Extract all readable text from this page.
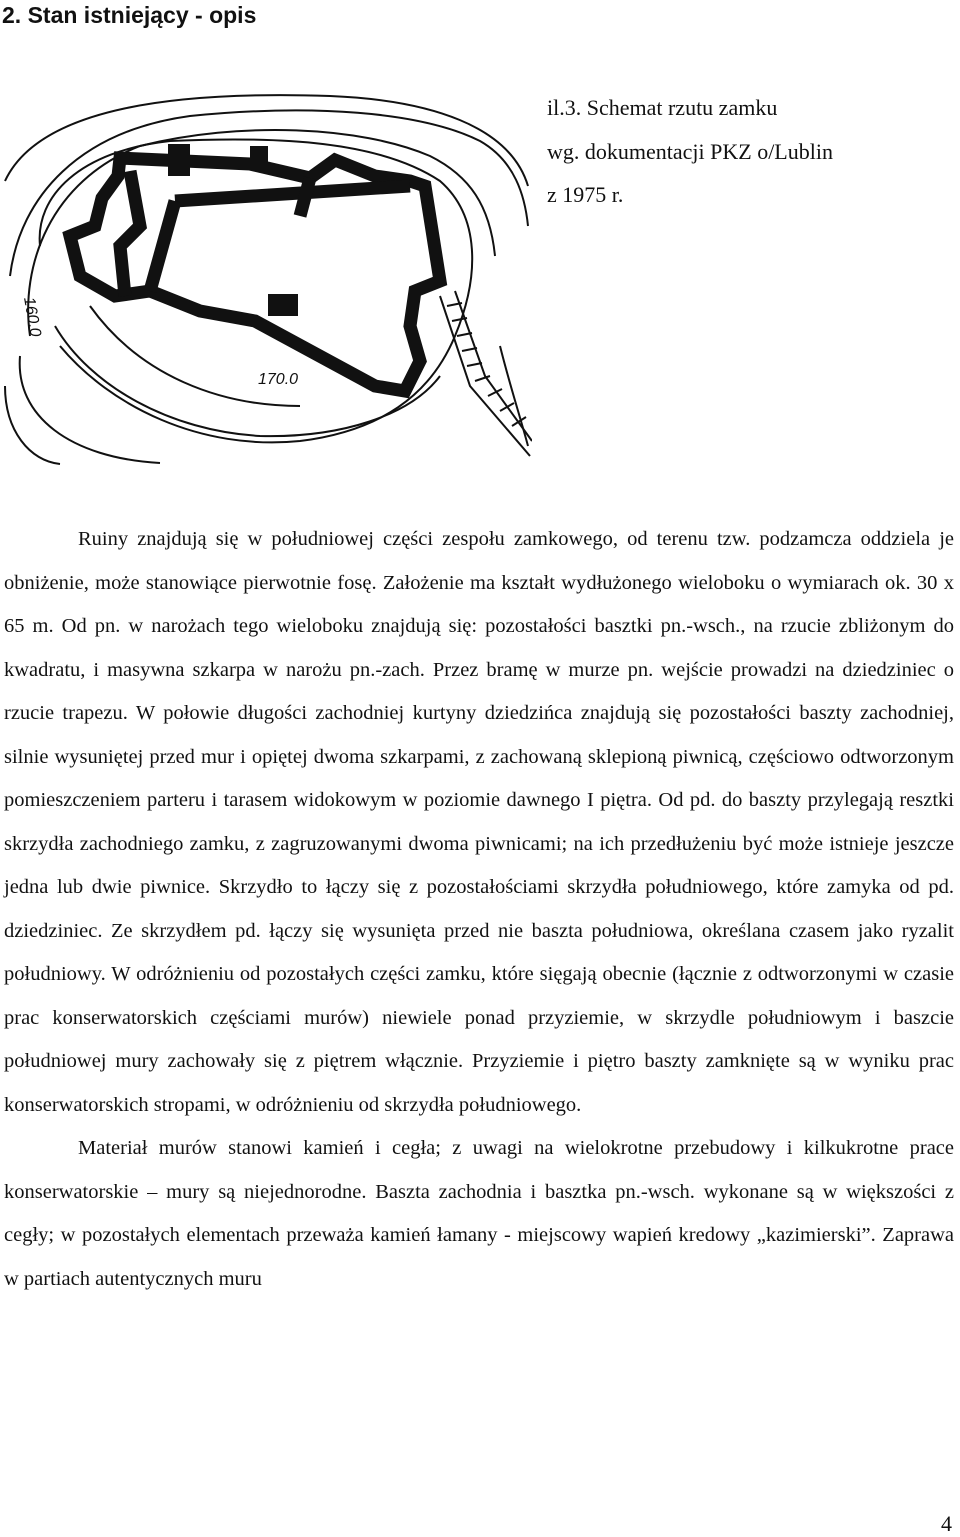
2. Stan istniejący - opis
160.0
170.0
il.3. Schemat rzutu zamku
wg. dokumentacji PKZ o/Lublin
z 1975 r.

Ruiny znajdują się w południowej części zespołu zamkowego, od terenu tzw. podzamcza oddziela je obniżenie, może stanowiące pierwotnie fosę. Założenie ma kształt wydłużonego wieloboku o wymiarach ok. 30 x 65 m. Od pn. w narożach tego wieloboku znajdują się: pozostałości basztki pn.-wsch., na rzucie zbliżonym do kwadratu, i masywna szkarpa w narożu pn.-zach. Przez bramę w murze pn. wejście prowadzi na dziedziniec o rzucie trapezu. W połowie długości zachodniej kurtyny dziedzińca znajdują się pozostałości baszty zachodniej, silnie wysuniętej przed mur i opiętej dwoma szkarpami, z zachowaną sklepioną piwnicą, częściowo odtworzonym pomieszczeniem parteru i tarasem widokowym w poziomie dawnego I piętra. Od pd. do baszty przylegają resztki skrzydła zachodniego zamku, z zagruzowanymi dwoma piwnicami; na ich przedłużeniu być może istnieje jeszcze jedna lub dwie piwnice. Skrzydło to łączy się z pozostałościami skrzydła południowego, które zamyka od pd. dziedziniec. Ze skrzydłem pd. łączy się wysunięta przed nie baszta południowa, określana czasem jako ryzalit południowy. W odróżnieniu od pozostałych części zamku, które sięgają obecnie (łącznie z odtworzonymi w czasie prac konserwatorskich częściami murów) niewiele ponad przyziemie, w skrzydle południowym i baszcie południowej mury zachowały się z piętrem włącznie. Przyziemie i piętro baszty zamknięte są w wyniku prac konserwatorskich stropami, w odróżnieniu od skrzydła południowego.

Materiał murów stanowi kamień i cegła; z uwagi na wielokrotne przebudowy i kilkukrotne prace konserwatorskie – mury są niejednorodne. Baszta zachodnia i basztka pn.-wsch. wykonane są w większości z cegły; w pozostałych elementach przeważa kamień łamany - miejscowy wapień kredowy „kazimierski”. Zaprawa w partiach autentycznych muru

4
